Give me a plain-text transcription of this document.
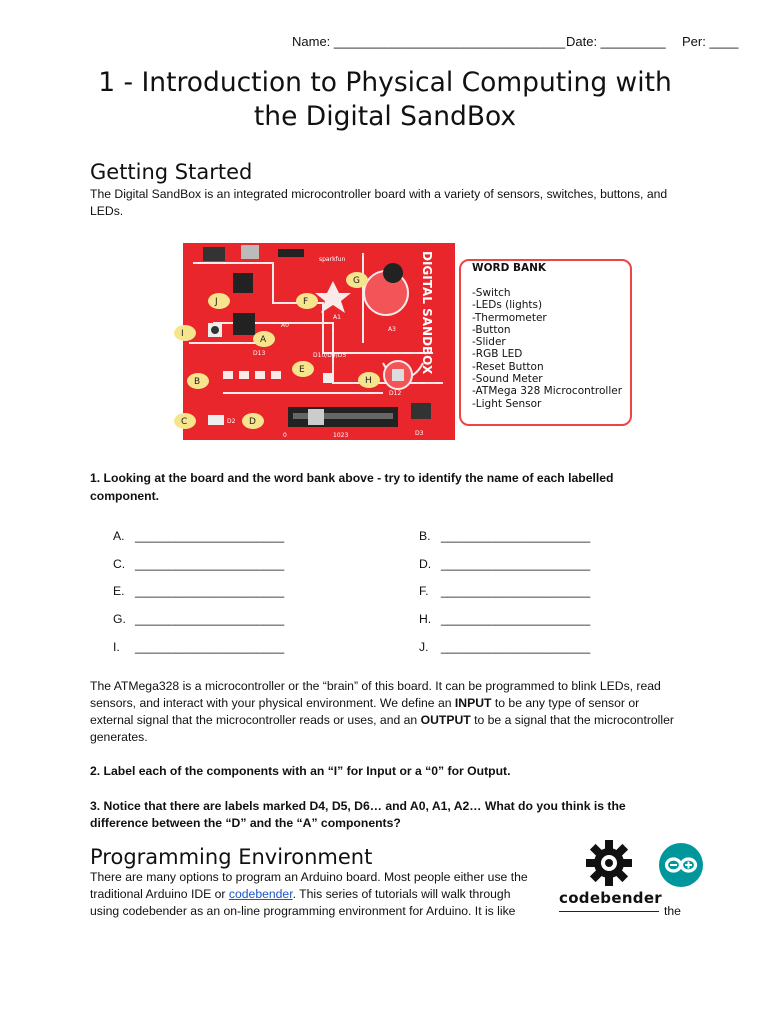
Name: ________________________________ Date: _________ Per: ____
1 - Introduction to Physical Computing with
the Digital SandBox
Getting Started
The Digital SandBox is an integrated microcontroller board with a variety of sensors, switches, buttons, and
LEDs.
sparkfun
A1
A0
D13	D10/D9/D5
D12
D3
A3
D2
1023
0
DIGITAL SANDBOX
A
B
C	D
E
F
G
H
I
J
WORD BANK
-Switch
-LEDs (lights)
-Thermometer
-Button
-Slider
-RGB LED
-Reset Button
-Sound Meter
-ATMega 328 Microcontroller
-Light Sensor
1. Looking at the board and the word bank above - try to identify the name of each labelled
component.
A. ______________________	B. ______________________
C. ______________________	D. ______________________
E. ______________________	F. ______________________
G. ______________________	H. ______________________
I. ______________________	J. ______________________
The ATMega328 is a microcontroller or the “brain” of this board. It can be programmed to blink LEDs, read
sensors, and interact with your physical environment. We define an INPUT to be any type of sensor or
external signal that the microcontroller reads or uses, and an OUTPUT to be a signal that the microcontroller
generates.
2. Label each of the components with an “I” for Input or a “0” for Output.
3. Notice that there are labels marked D4, D5, D6… and A0, A1, A2… What do you think is the
difference between the “D” and the “A” components?
Programming Environment
There are many options to program an Arduino board. Most people either use the
traditional Arduino IDE or codebender. This series of tutorials will walk through
using codebender as an on-line programming environment for Arduino. It is like	the
codebender
